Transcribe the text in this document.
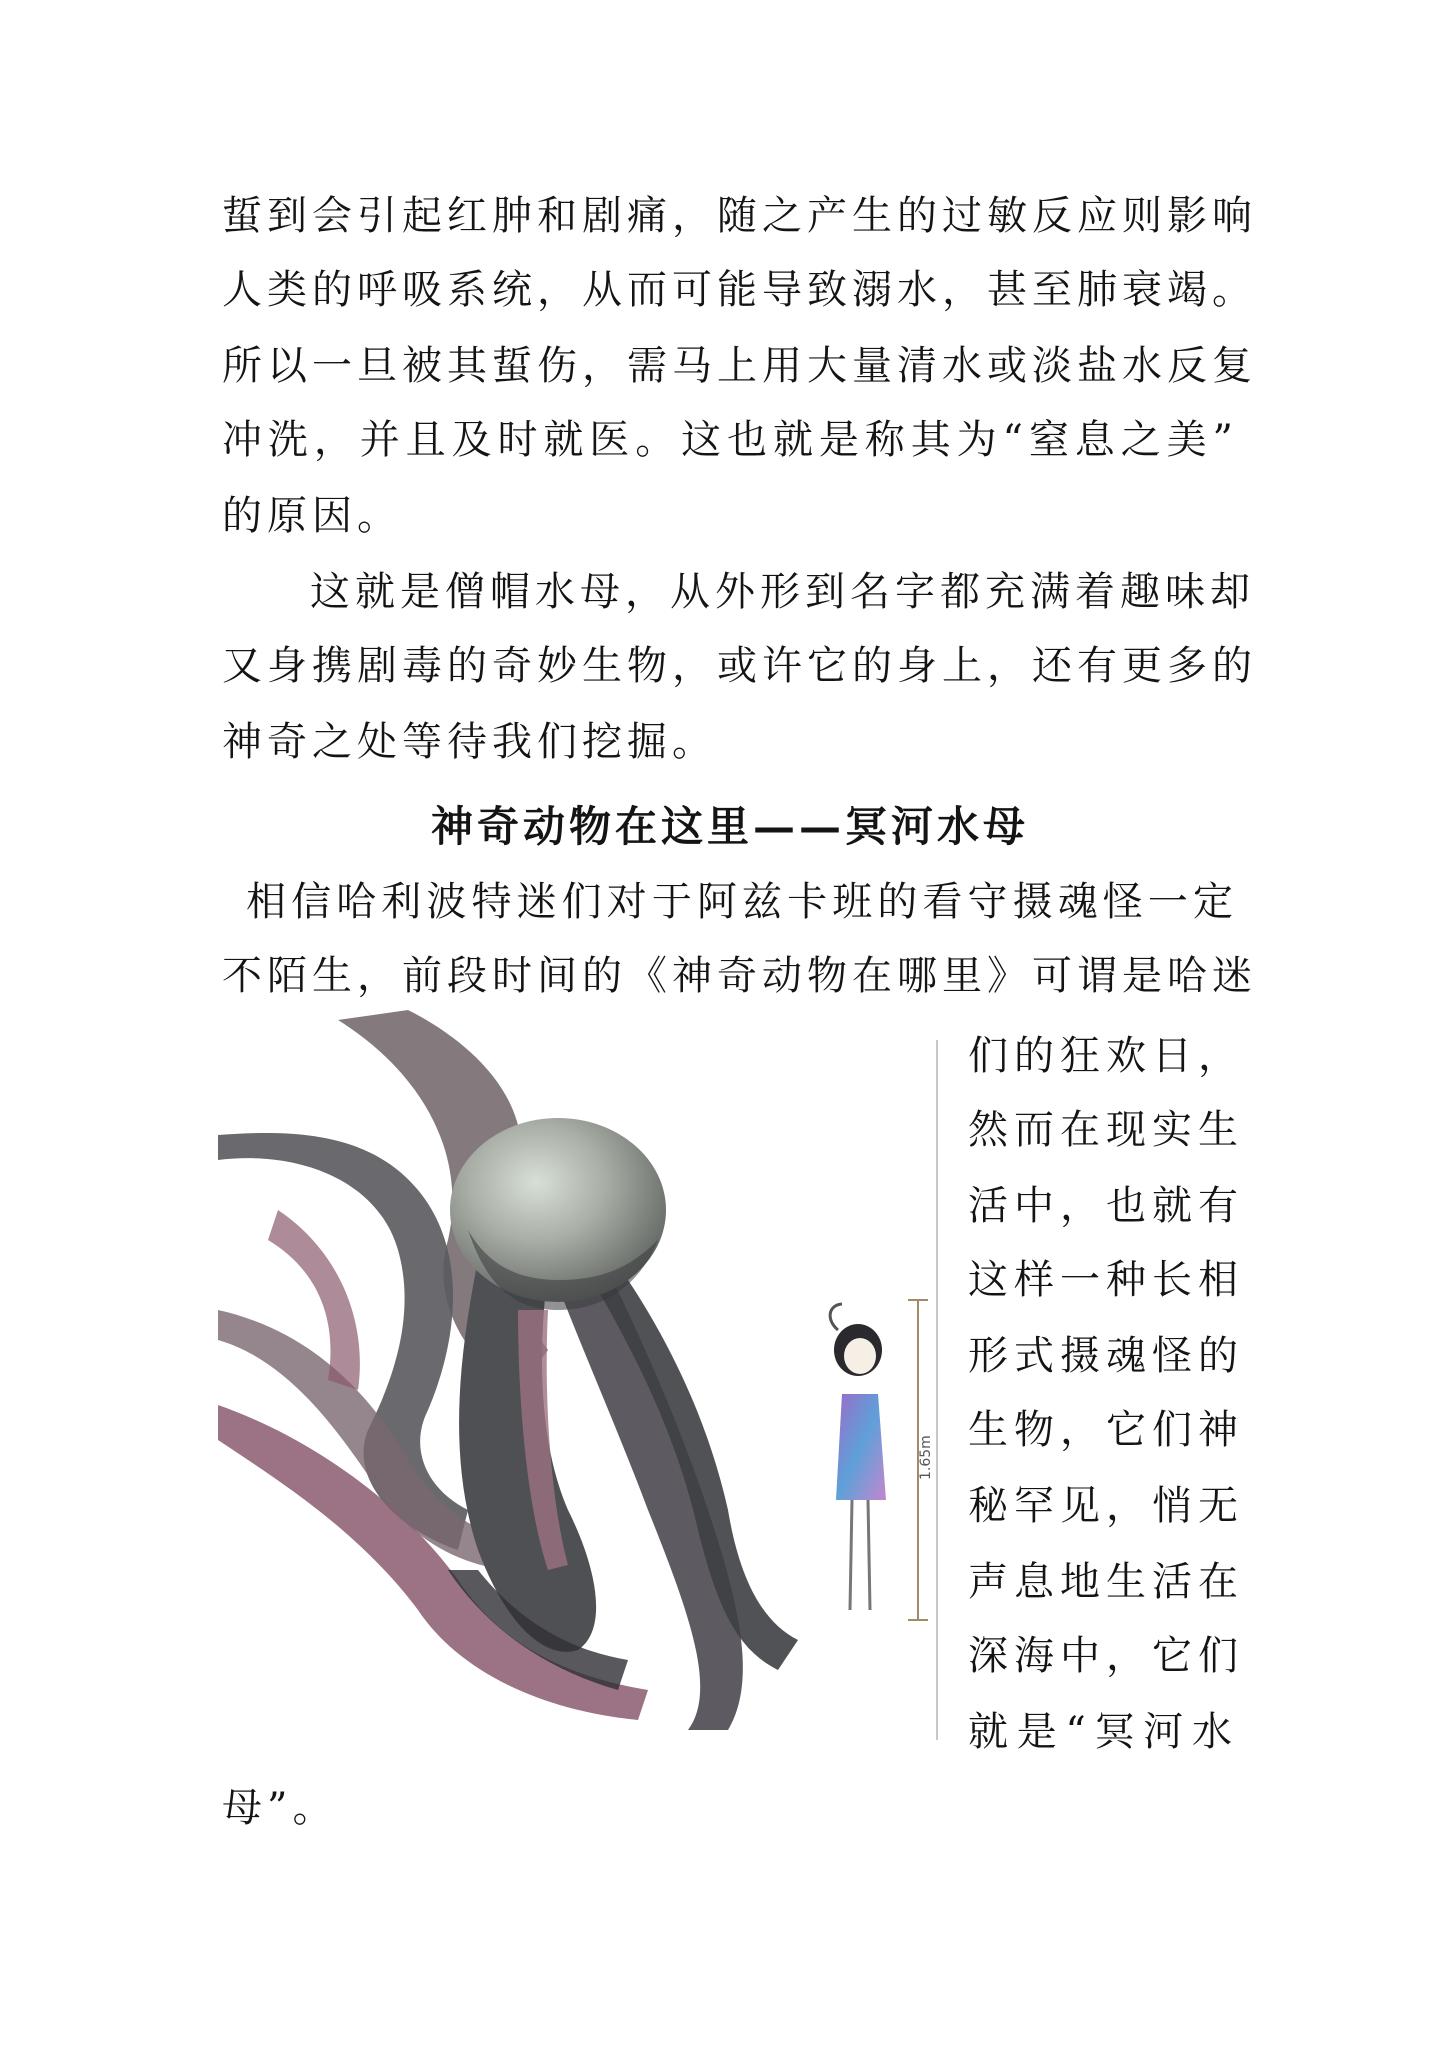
蜇到会引起红肿和剧痛，随之产生的过敏反应则影响
人类的呼吸系统，从而可能导致溺水，甚至肺衰竭。
所以一旦被其蜇伤，需马上用大量清水或淡盐水反复
冲洗，并且及时就医。这也就是称其为“窒息之美”
的原因。
这就是僧帽水母，从外形到名字都充满着趣味却
又身携剧毒的奇妙生物，或许它的身上，还有更多的
神奇之处等待我们挖掘。
神奇动物在这里——冥河水母
相信哈利波特迷们对于阿兹卡班的看守摄魂怪一定
不陌生，前段时间的《神奇动物在哪里》可谓是哈迷
1.65m
们的狂欢日，
然而在现实生
活中，也就有
这样一种长相
形式摄魂怪的
生物，它们神
秘罕见，悄无
声息地生活在
深海中，它们
就是“冥河水
母”。
